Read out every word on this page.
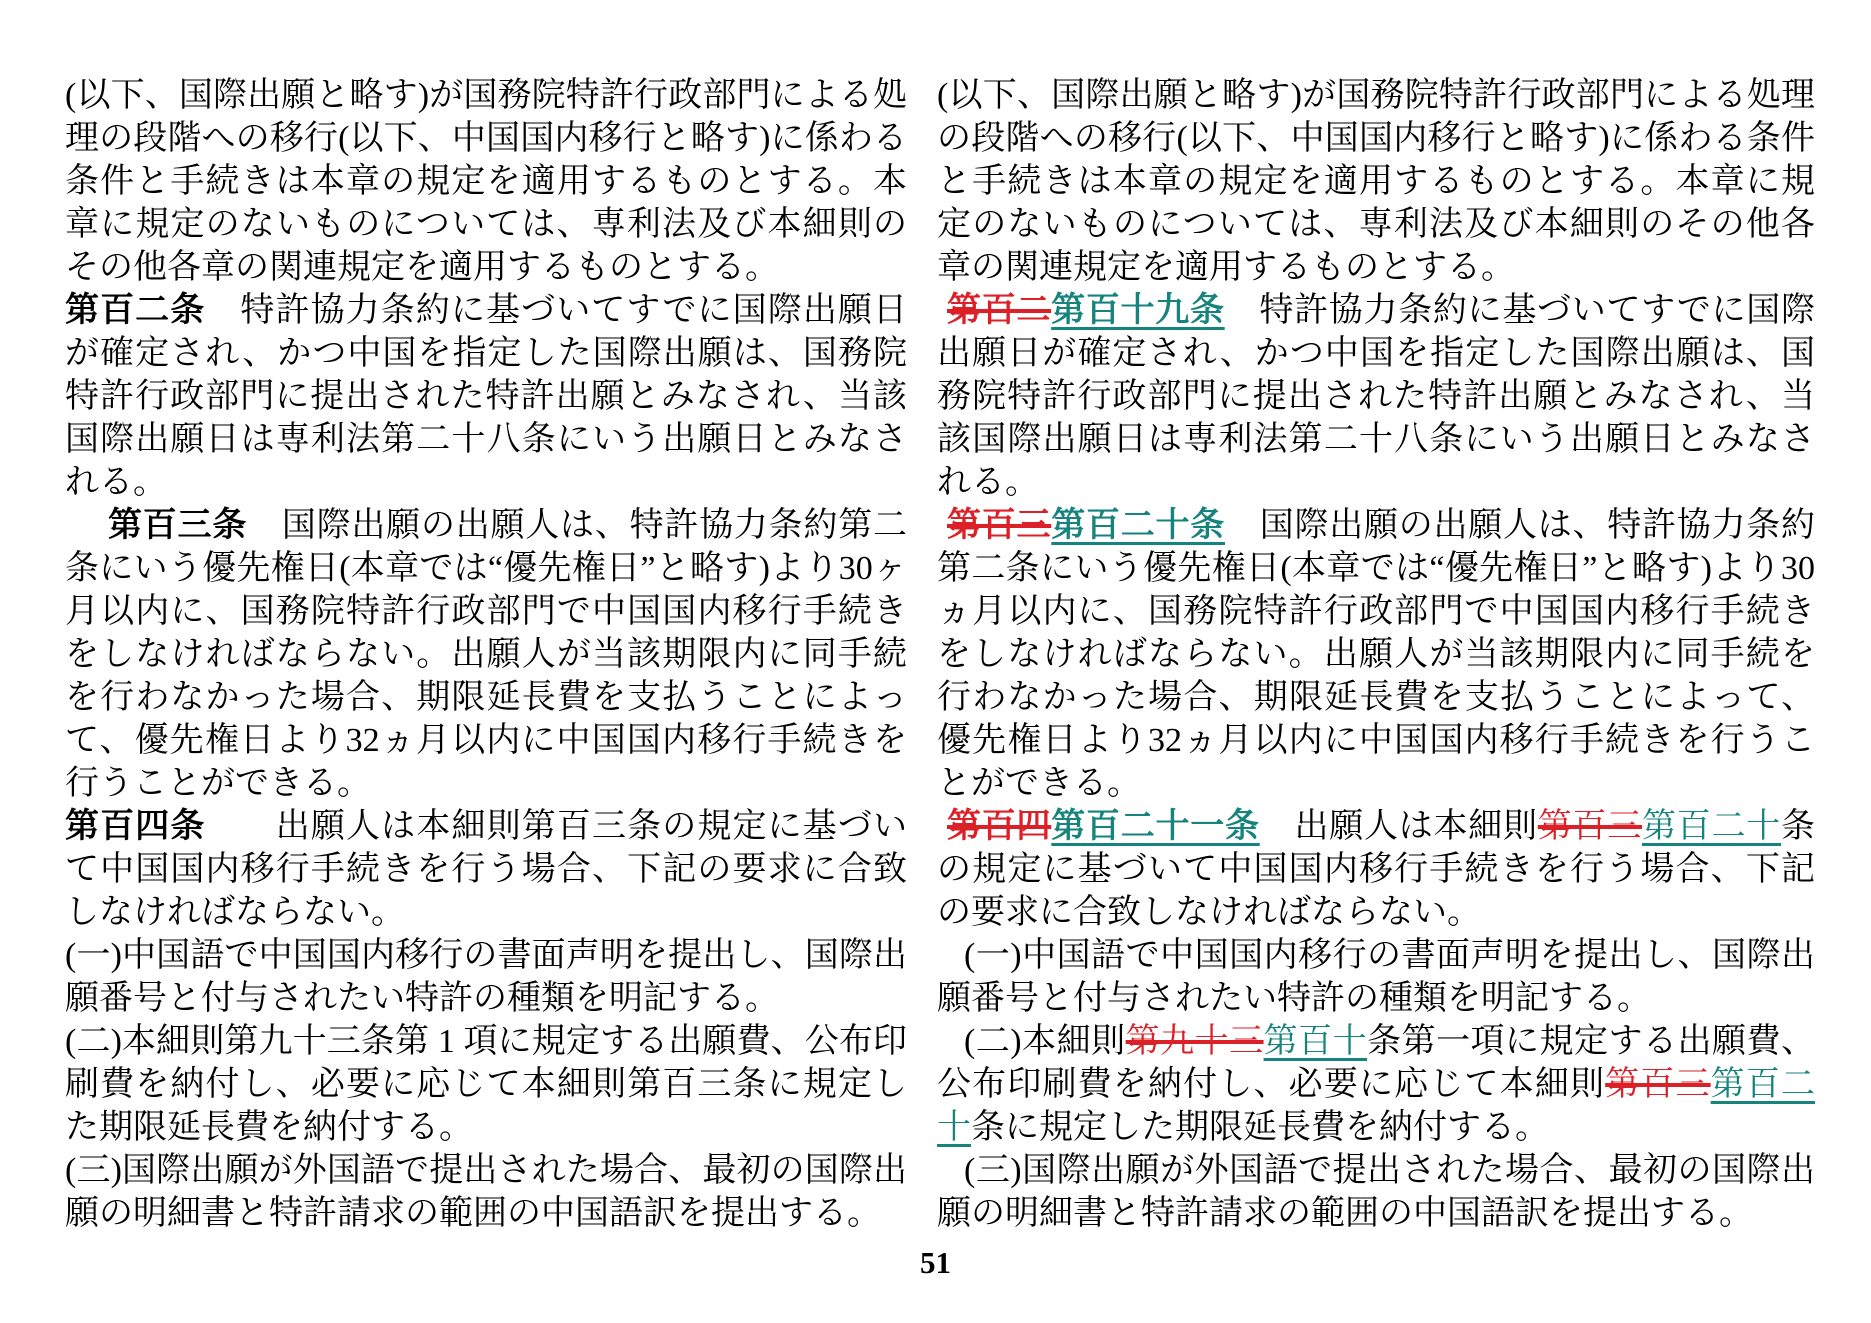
(以下、国際出願と略す)が国務院特許行政部門による処理の段階への移行(以下、中国国内移行と略す)に係わる条件と手続きは本章の規定を適用するものとする。本章に規定のないものについては、専利法及び本細則のその他各章の関連規定を適用するものとする。

第百二条　特許協力条約に基づいてすでに国際出願日が確定され、かつ中国を指定した国際出願は、国務院特許行政部門に提出された特許出願とみなされ、当該国際出願日は専利法第二十八条にいう出願日とみなされる。

第百三条　国際出願の出願人は、特許協力条約第二条にいう優先権日(本章では“優先権日”と略す)より30ヶ月以内に、国務院特許行政部門で中国国内移行手続きをしなければならない。出願人が当該期限内に同手続を行わなかった場合、期限延長費を支払うことによって、優先権日より32ヵ月以内に中国国内移行手続きを行うことができる。

第百四条　　出願人は本細則第百三条の規定に基づいて中国国内移行手続きを行う場合、下記の要求に合致しなければならない。

(一)中国語で中国国内移行の書面声明を提出し、国際出願番号と付与されたい特許の種類を明記する。

(二)本細則第九十三条第 1 項に規定する出願費、公布印刷費を納付し、必要に応じて本細則第百三条に規定した期限延長費を納付する。

(三)国際出願が外国語で提出された場合、最初の国際出願の明細書と特許請求の範囲の中国語訳を提出する。

(以下、国際出願と略す)が国務院特許行政部門による処理の段階への移行(以下、中国国内移行と略す)に係わる条件と手続きは本章の規定を適用するものとする。本章に規定のないものについては、専利法及び本細則のその他各章の関連規定を適用するものとする。

第百二第百十九条　特許協力条約に基づいてすでに国際出願日が確定され、かつ中国を指定した国際出願は、国務院特許行政部門に提出された特許出願とみなされ、当該国際出願日は専利法第二十八条にいう出願日とみなされる。

第百三第百二十条　国際出願の出願人は、特許協力条約第二条にいう優先権日(本章では“優先権日”と略す)より30ヵ月以内に、国務院特許行政部門で中国国内移行手続きをしなければならない。出願人が当該期限内に同手続を行わなかった場合、期限延長費を支払うことによって、優先権日より32ヵ月以内に中国国内移行手続きを行うことができる。

第百四第百二十一条　出願人は本細則第百三第百二十条の規定に基づいて中国国内移行手続きを行う場合、下記の要求に合致しなければならない。

(一)中国語で中国国内移行の書面声明を提出し、国際出願番号と付与されたい特許の種類を明記する。

(二)本細則第九十三第百十条第一項に規定する出願費、公布印刷費を納付し、必要に応じて本細則第百三第百二十条に規定した期限延長費を納付する。

(三)国際出願が外国語で提出された場合、最初の国際出願の明細書と特許請求の範囲の中国語訳を提出する。

51
